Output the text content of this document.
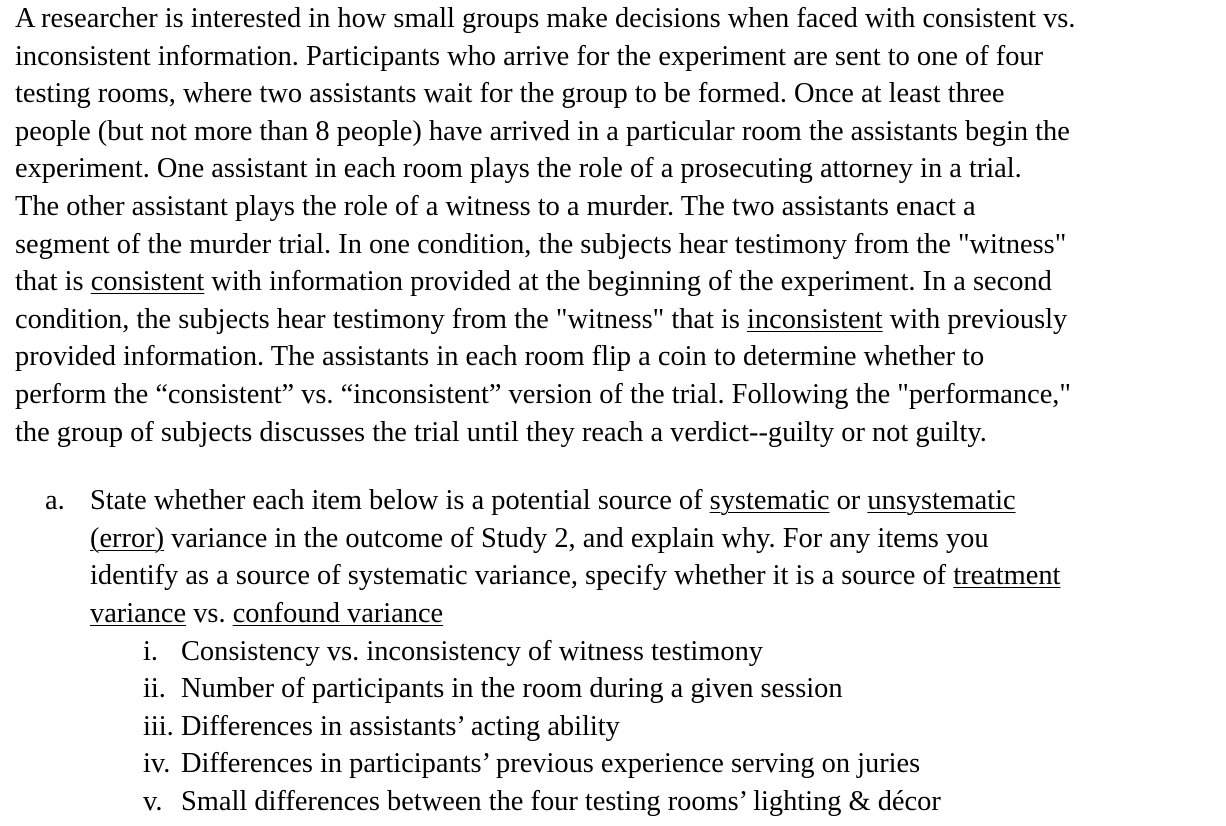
A researcher is interested in how small groups make decisions when faced with consistent vs.
inconsistent information. Participants who arrive for the experiment are sent to one of four
testing rooms, where two assistants wait for the group to be formed. Once at least three
people (but not more than 8 people) have arrived in a particular room the assistants begin the
experiment. One assistant in each room plays the role of a prosecuting attorney in a trial.
The other assistant plays the role of a witness to a murder. The two assistants enact a
segment of the murder trial. In one condition, the subjects hear testimony from the "witness"
that is consistent with information provided at the beginning of the experiment. In a second
condition, the subjects hear testimony from the "witness" that is inconsistent with previously
provided information. The assistants in each room flip a coin to determine whether to
perform the “consistent” vs. “inconsistent” version of the trial. Following the "performance,"
the group of subjects discusses the trial until they reach a verdict--guilty or not guilty.

a. State whether each item below is a potential source of systematic or unsystematic
(error) variance in the outcome of Study 2, and explain why. For any items you
identify as a source of systematic variance, specify whether it is a source of treatment
variance vs. confound variance
i. Consistency vs. inconsistency of witness testimony
ii. Number of participants in the room during a given session
iii. Differences in assistants’ acting ability
iv. Differences in participants’ previous experience serving on juries
v. Small differences between the four testing rooms’ lighting & décor
